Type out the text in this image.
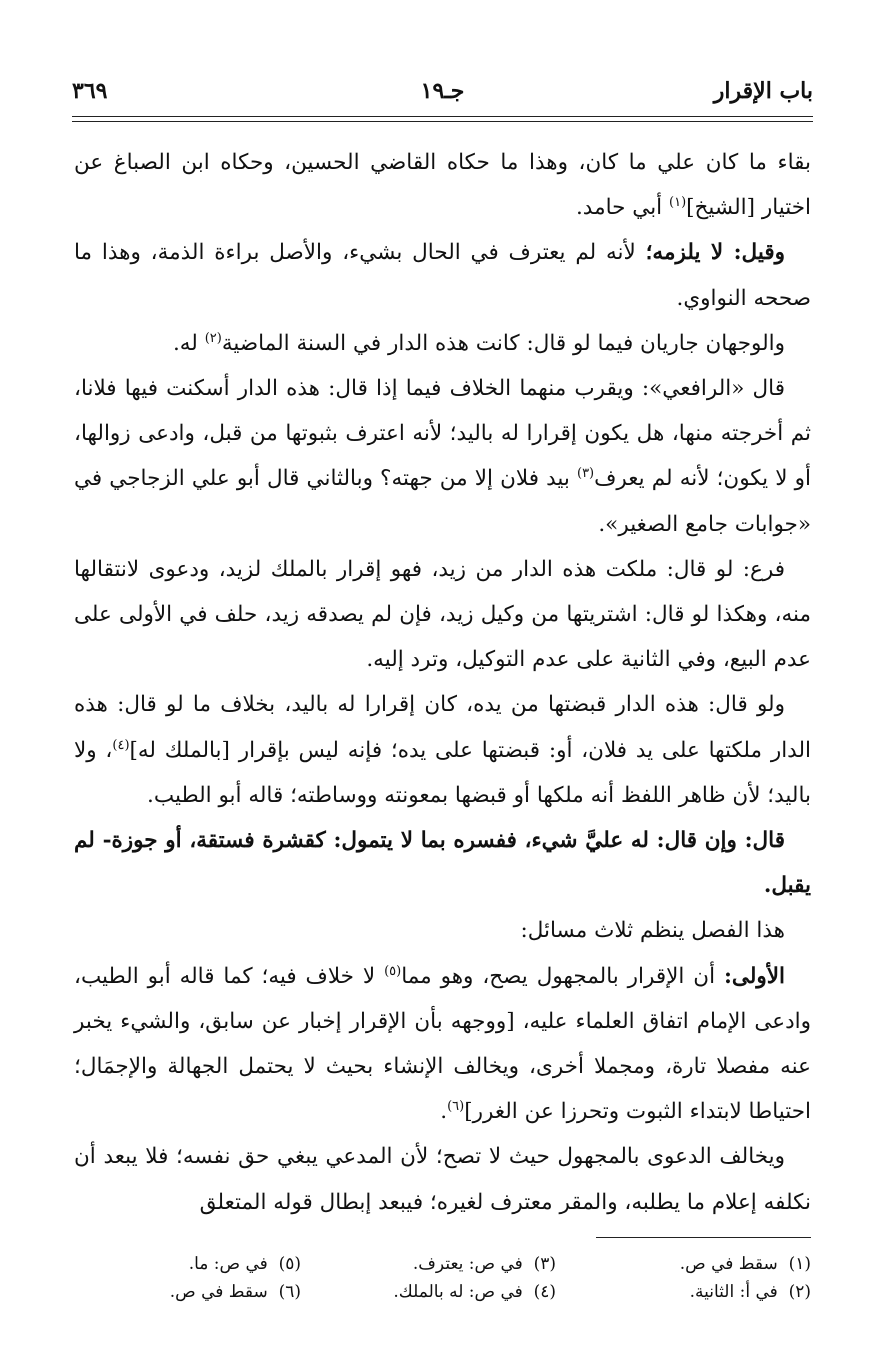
باب الإقرار
جـ١٩
٣٦٩

بقاء ما كان علي ما كان، وهذا ما حكاه القاضي الحسين، وحكاه ابن الصباغ عن اختيار [الشيخ]$^{(١)}$ أبي حامد.

وقيل: لا يلزمه؛ لأنه لم يعترف في الحال بشيء، والأصل براءة الذمة، وهذا ما صححه النواوي.

والوجهان جاريان فيما لو قال: كانت هذه الدار في السنة الماضية$^{(٢)}$ له.

قال «الرافعي»: ويقرب منهما الخلاف فيما إذا قال: هذه الدار أسكنت فيها فلانا، ثم أخرجته منها، هل يكون إقرارا له باليد؛ لأنه اعترف بثبوتها من قبل، وادعى زوالها، أو لا يكون؛ لأنه لم يعرف$^{(٣)}$ بيد فلان إلا من جهته؟ وبالثاني قال أبو علي الزجاجي في «جوابات جامع الصغير».

فرع: لو قال: ملكت هذه الدار من زيد، فهو إقرار بالملك لزيد، ودعوى لانتقالها منه، وهكذا لو قال: اشتريتها من وكيل زيد، فإن لم يصدقه زيد، حلف في الأولى على عدم البيع، وفي الثانية على عدم التوكيل، وترد إليه.

ولو قال: هذه الدار قبضتها من يده، كان إقرارا له باليد، بخلاف ما لو قال: هذه الدار ملكتها على يد فلان، أو: قبضتها على يده؛ فإنه ليس بإقرار [بالملك له]$^{(٤)}$، ولا باليد؛ لأن ظاهر اللفظ أنه ملكها أو قبضها بمعونته ووساطته؛ قاله أبو الطيب.

قال: وإن قال: له عليَّ شيء، ففسره بما لا يتمول: كقشرة فستقة، أو جوزة- لم يقبل.

هذا الفصل ينظم ثلاث مسائل:

الأولى: أن الإقرار بالمجهول يصح، وهو مما$^{(٥)}$ لا خلاف فيه؛ كما قاله أبو الطيب، وادعى الإمام اتفاق العلماء عليه، [ووجهه بأن الإقرار إخبار عن سابق، والشيء يخبر عنه مفصلا تارة، ومجملا أخرى، ويخالف الإنشاء بحيث لا يحتمل الجهالة والإجمَال؛ احتياطا لابتداء الثبوت وتحرزا عن الغرر]$^{(٦)}$.

ويخالف الدعوى بالمجهول حيث لا تصح؛ لأن المدعي يبغي حق نفسه؛ فلا يبعد أن نكلفه إعلام ما يطلبه، والمقر معترف لغيره؛ فيبعد إبطال قوله المتعلق

(١)  سقط في ص.
(٢)  في أ: الثانية.
(٣)  في ص: يعترف.
(٤)  في ص: له بالملك.
(٥)  في ص: ما.
(٦)  سقط في ص.
